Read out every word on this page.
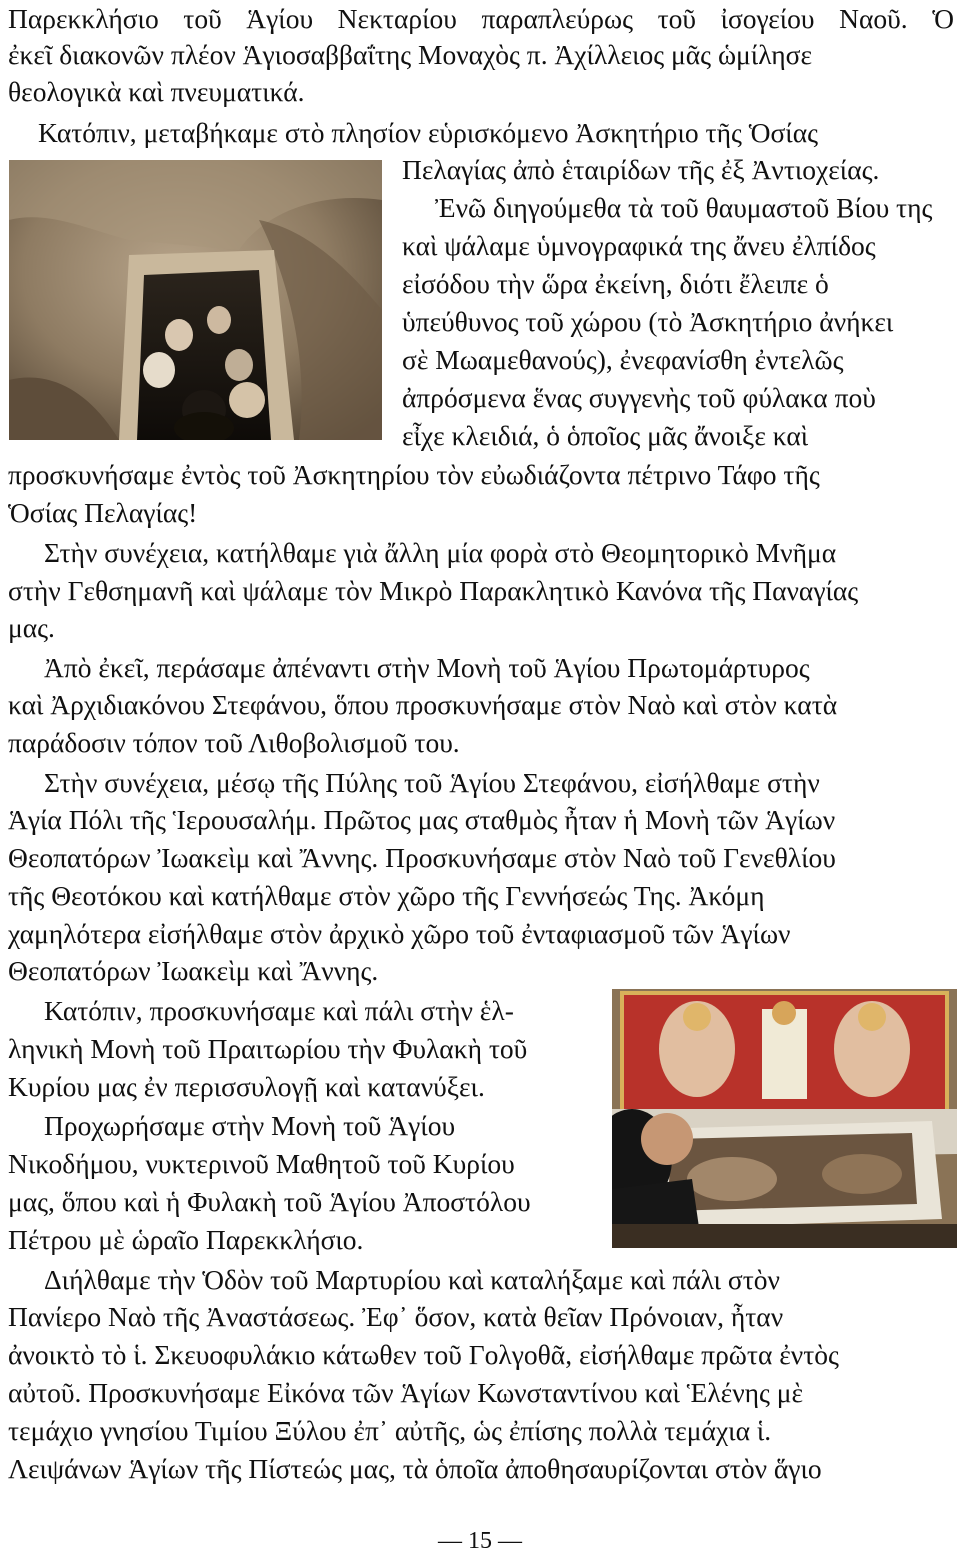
Παρεκκλήσιο τοῦ Ἁγίου Νεκταρίου παραπλεύρως τοῦ ἰσογείου Ναοῦ. Ὁ
ἐκεῖ διακονῶν πλέον Ἁγιοσαββαΐτης Μοναχὸς π. Ἀχίλλειος μᾶς ὡμίλησε
θεολογικὰ καὶ πνευματικά.
Κατόπιν, μεταβήκαμε στὸ πλησίον εὑρισκόμενο Ἀσκητήριο τῆς Ὁσίας
Πελαγίας ἀπὸ ἑταιρίδων τῆς ἐξ Ἀντιοχείας.
Ἐνῶ διηγούμεθα τὰ τοῦ θαυμαστοῦ Βίου της
καὶ ψάλαμε ὑμνογραφικά της ἄνευ ἐλπίδος
εἰσόδου τὴν ὥρα ἐκείνη, διότι ἔλειπε ὁ
ὑπεύθυνος τοῦ χώρου (τὸ Ἀσκητήριο ἀνήκει
σὲ Μωαμεθανούς), ἐνεφανίσθη ἐντελῶς
ἀπρόσμενα ἕνας συγγενὴς τοῦ φύλακα ποὺ
εἶχε κλειδιά, ὁ ὁποῖος μᾶς ἄνοιξε καὶ
προσκυνήσαμε ἐντὸς τοῦ Ἀσκητηρίου τὸν εὐωδιάζοντα πέτρινο Τάφο τῆς
Ὁσίας Πελαγίας!
Στὴν συνέχεια, κατήλθαμε γιὰ ἄλλη μία φορὰ στὸ Θεομητορικὸ Μνῆμα
στὴν Γεθσημανῆ καὶ ψάλαμε τὸν Μικρὸ Παρακλητικὸ Κανόνα τῆς Παναγίας
μας.
Ἀπὸ ἐκεῖ, περάσαμε ἀπέναντι στὴν Μονὴ τοῦ Ἁγίου Πρωτομάρτυρος
καὶ Ἀρχιδιακόνου Στεφάνου, ὅπου προσκυνήσαμε στὸν Ναὸ καὶ στὸν κατὰ
παράδοσιν τόπον τοῦ Λιθοβολισμοῦ του.
Στὴν συνέχεια, μέσῳ τῆς Πύλης τοῦ Ἁγίου Στεφάνου, εἰσήλθαμε στὴν
Ἁγία Πόλι τῆς Ἱερουσαλήμ. Πρῶτος μας σταθμὸς ἦταν ἡ Μονὴ τῶν Ἁγίων
Θεοπατόρων Ἰωακεὶμ καὶ Ἄννης. Προσκυνήσαμε στὸν Ναὸ τοῦ Γενεθλίου
τῆς Θεοτόκου καὶ κατήλθαμε στὸν χῶρο τῆς Γεννήσεώς Της. Ἀκόμη
χαμηλότερα εἰσήλθαμε στὸν ἀρχικὸ χῶρο τοῦ ἐνταφιασμοῦ τῶν Ἁγίων
Θεοπατόρων Ἰωακεὶμ καὶ Ἄννης.
Κατόπιν, προσκυνήσαμε καὶ πάλι στὴν ἑλ-
ληνικὴ Μονὴ τοῦ Πραιτωρίου τὴν Φυλακὴ τοῦ
Κυρίου μας ἐν περισσυλογῇ καὶ κατανύξει.
Προχωρήσαμε στὴν Μονὴ τοῦ Ἁγίου
Νικοδήμου, νυκτερινοῦ Μαθητοῦ τοῦ Κυρίου
μας, ὅπου καὶ ἡ Φυλακὴ τοῦ Ἁγίου Ἀποστόλου
Πέτρου μὲ ὡραῖο Παρεκκλήσιο.
Διήλθαμε τὴν Ὁδὸν τοῦ Μαρτυρίου καὶ καταλήξαμε καὶ πάλι στὸν
Πανίερο Ναὸ τῆς Ἀναστάσεως. Ἐφ᾽ ὅσον, κατὰ θεῖαν Πρόνοιαν, ἦταν
ἀνοικτὸ τὸ ἱ. Σκευοφυλάκιο κάτωθεν τοῦ Γολγοθᾶ, εἰσήλθαμε πρῶτα ἐντὸς
αὐτοῦ. Προσκυνήσαμε Εἰκόνα τῶν Ἁγίων Κωνσταντίνου καὶ Ἑλένης μὲ
τεμάχιο γνησίου Τιμίου Ξύλου ἐπ᾽ αὐτῆς, ὡς ἐπίσης πολλὰ τεμάχια ἱ.
Λειψάνων Ἁγίων τῆς Πίστεώς μας, τὰ ὁποῖα ἀποθησαυρίζονται στὸν ἅγιο
— 15 —
